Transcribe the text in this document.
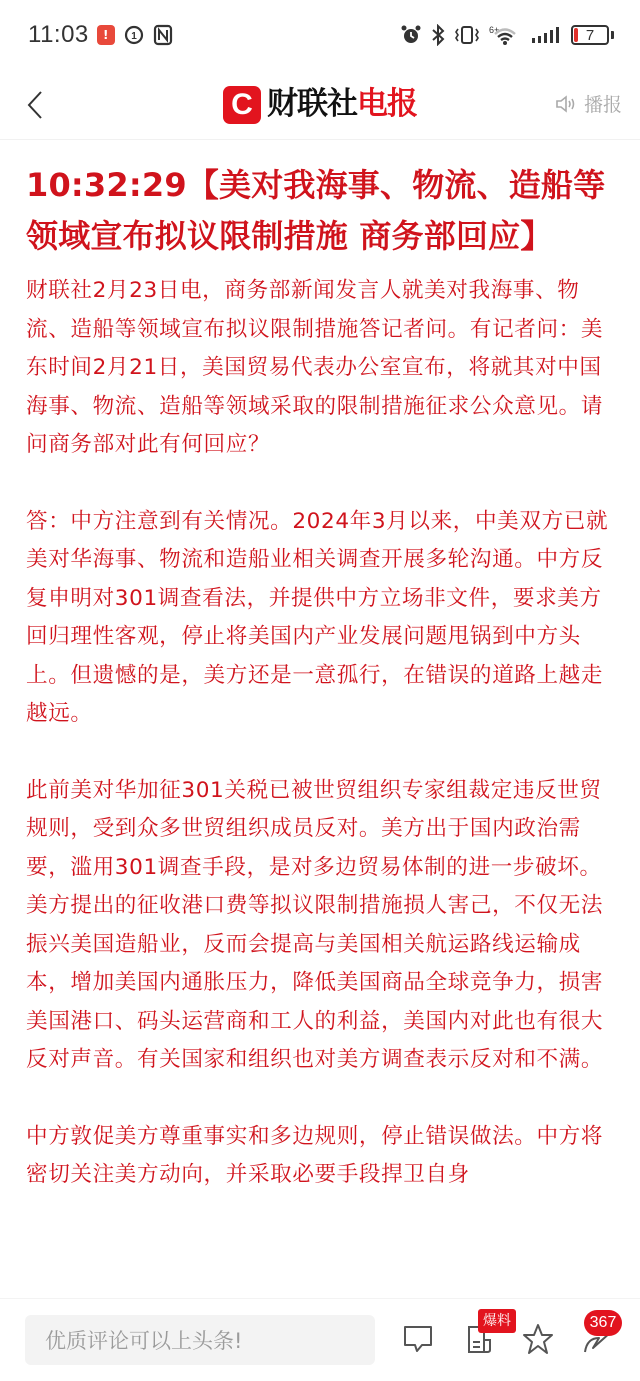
11:03	!	1
6+	7
C 财联社电报	播报
10:32:29【美对我海事、物流、造船等领域宣布拟议限制措施 商务部回应】

财联社2月23日电，商务部新闻发言人就美对我海事、物流、造船等领域宣布拟议限制措施答记者问。有记者问：美东时间2月21日，美国贸易代表办公室宣布，将就其对中国海事、物流、造船等领域采取的限制措施征求公众意见。请问商务部对此有何回应？

答：中方注意到有关情况。2024年3月以来，中美双方已就美对华海事、物流和造船业相关调查开展多轮沟通。中方反复申明对301调查看法，并提供中方立场非文件，要求美方回归理性客观，停止将美国内产业发展问题甩锅到中方头上。但遗憾的是，美方还是一意孤行，在错误的道路上越走越远。

此前美对华加征301关税已被世贸组织专家组裁定违反世贸规则，受到众多世贸组织成员反对。美方出于国内政治需要，滥用301调查手段，是对多边贸易体制的进一步破坏。美方提出的征收港口费等拟议限制措施损人害己，不仅无法振兴美国造船业，反而会提高与美国相关航运路线运输成本，增加美国内通胀压力，降低美国商品全球竞争力，损害美国港口、码头运营商和工人的利益，美国内对此也有很大反对声音。有关国家和组织也对美方调查表示反对和不满。

中方敦促美方尊重事实和多边规则，停止错误做法。中方将密切关注美方动向，并采取必要手段捍卫自身

优质评论可以上头条!
爆料	367
